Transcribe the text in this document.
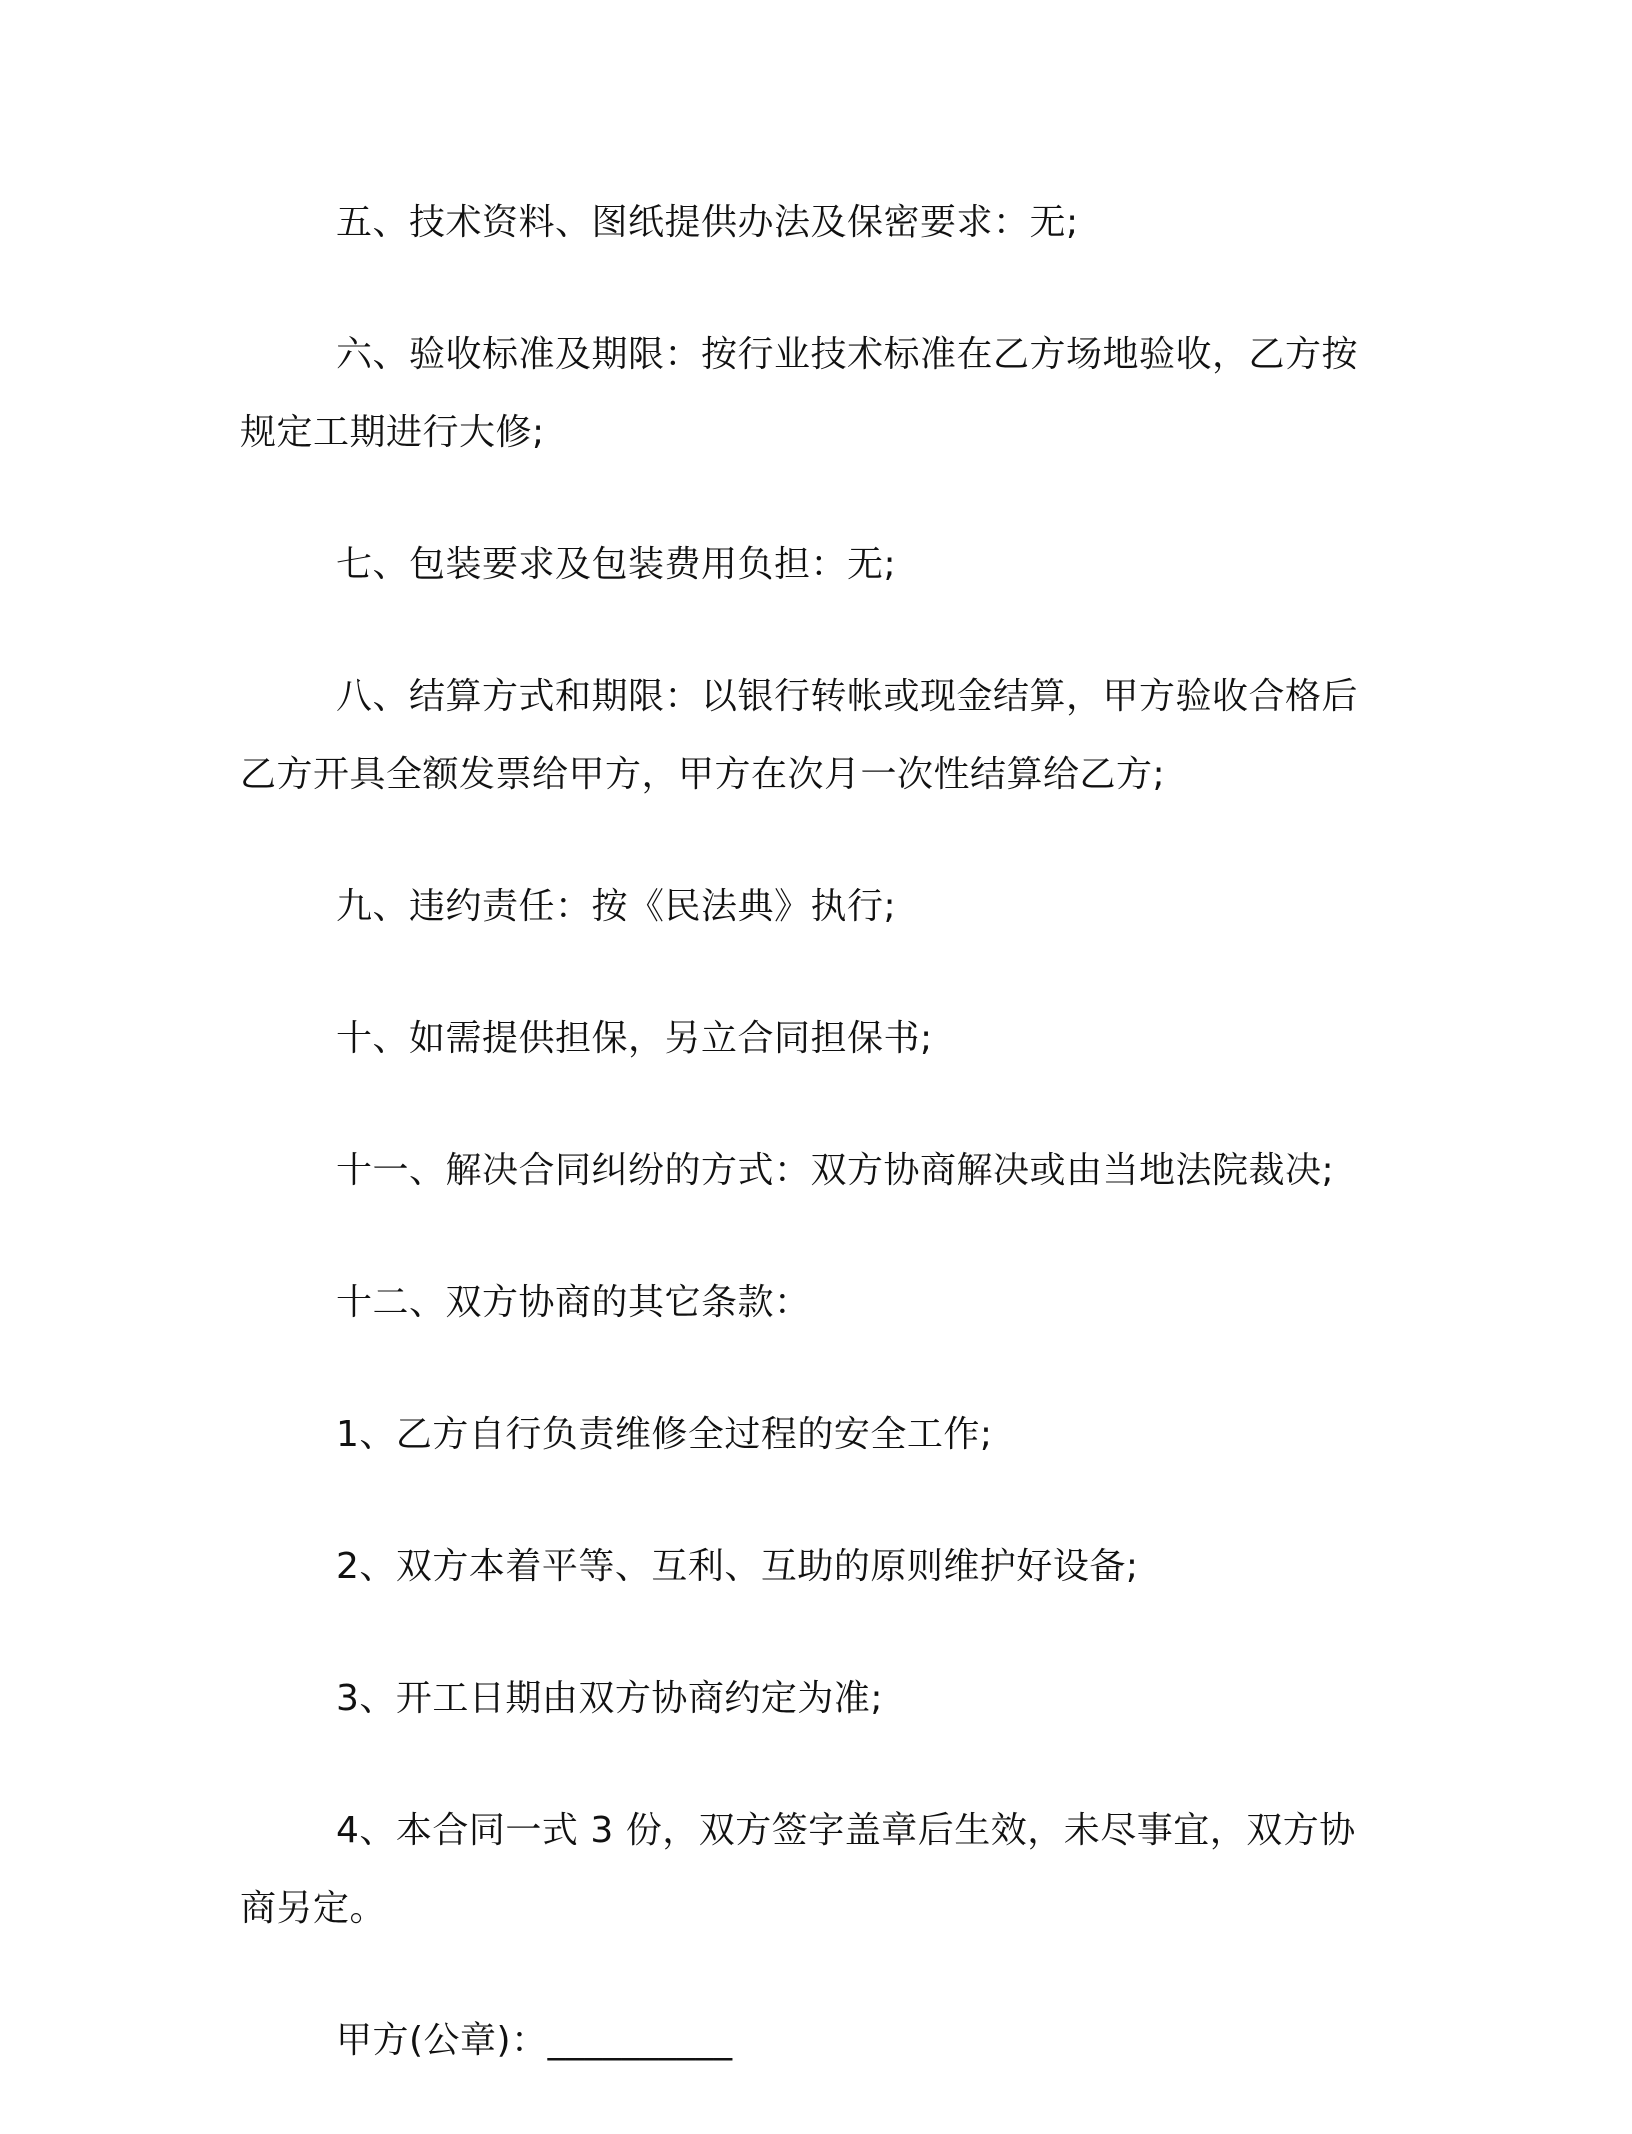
五、技术资料、图纸提供办法及保密要求：无;

六、验收标准及期限：按行业技术标准在乙方场地验收，乙方按规定工期进行大修;

七、包装要求及包装费用负担：无;

八、结算方式和期限：以银行转帐或现金结算，甲方验收合格后乙方开具全额发票给甲方，甲方在次月一次性结算给乙方;

九、违约责任：按《民法典》执行;

十、如需提供担保，另立合同担保书;

十一、解决合同纠纷的方式：双方协商解决或由当地法院裁决;

十二、双方协商的其它条款：

1、乙方自行负责维修全过程的安全工作;

2、双方本着平等、互利、互助的原则维护好设备;

3、开工日期由双方协商约定为准;

4、本合同一式 3 份，双方签字盖章后生效，未尽事宜，双方协商另定。

甲方(公章)：__________
